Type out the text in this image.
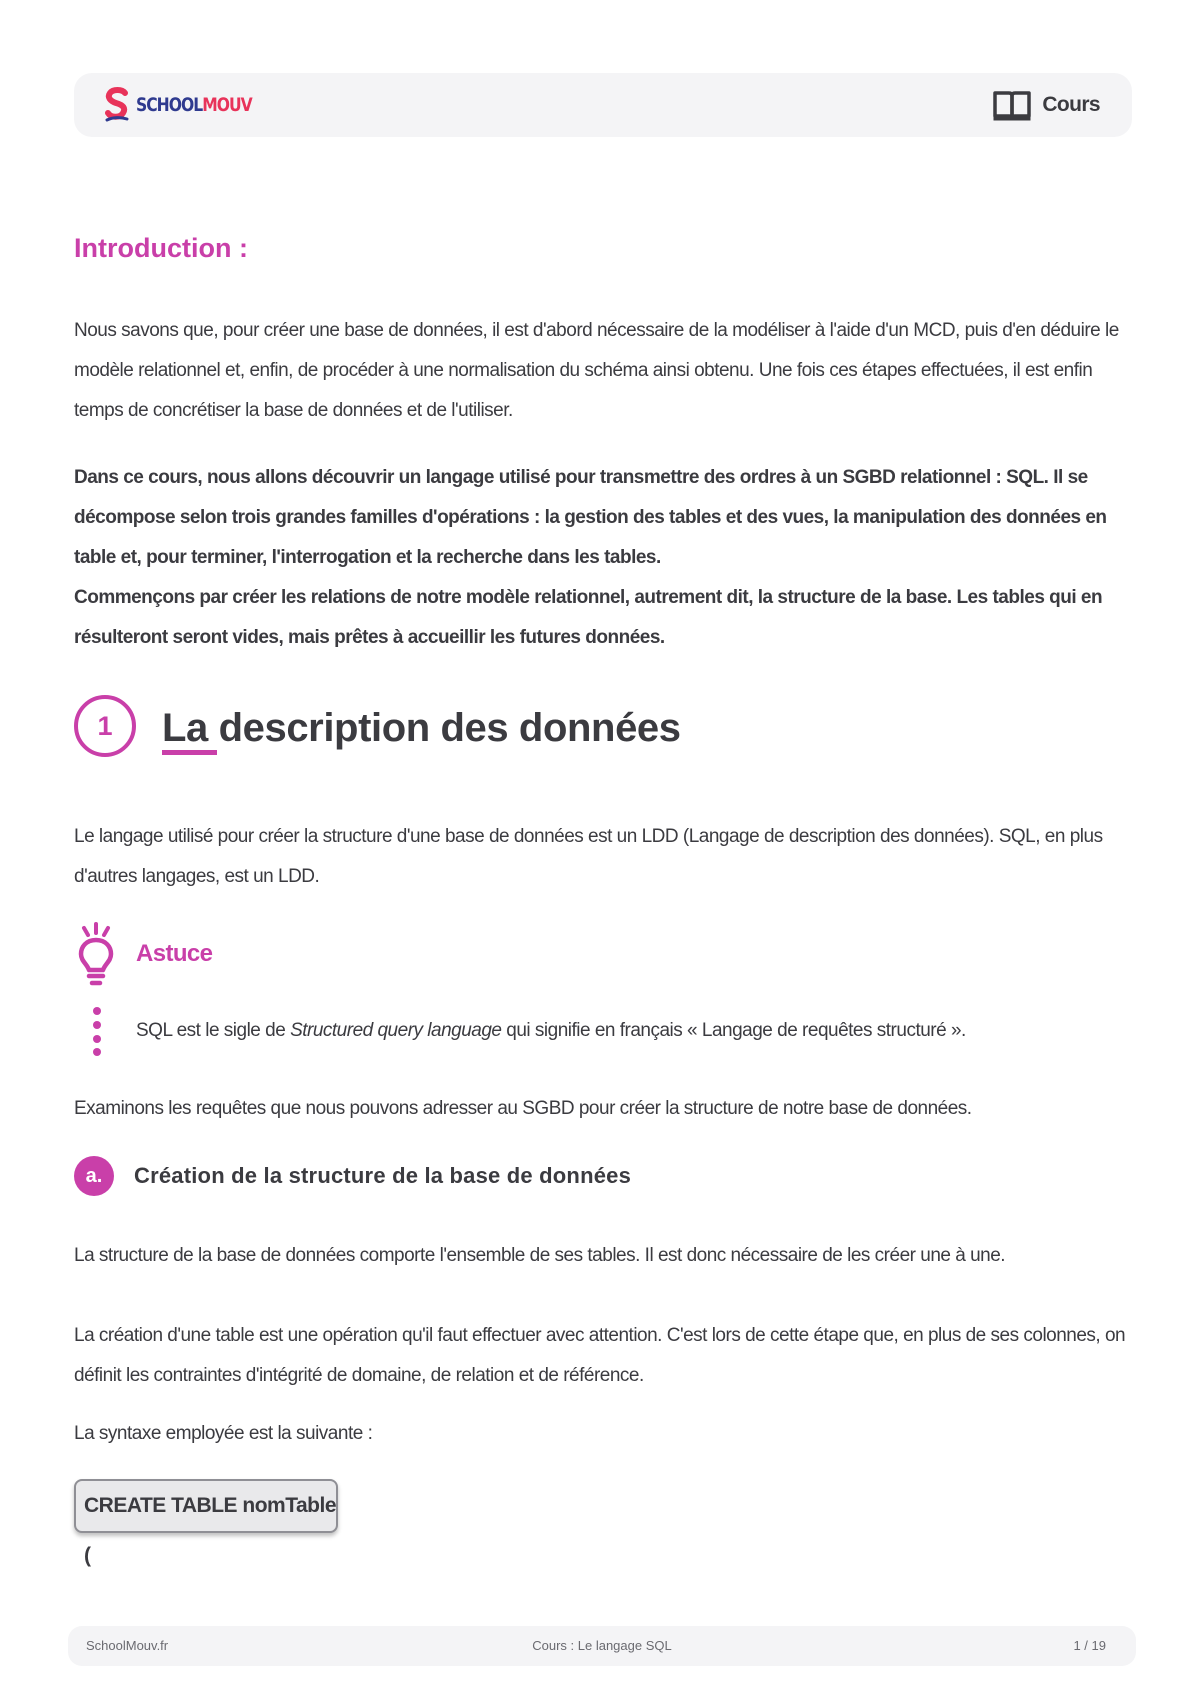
SCHOOLMOUV	Cours
Introduction :

Nous savons que, pour créer une base de données, il est d'abord nécessaire de la modéliser à l'aide d'un MCD, puis d'en déduire le modèle relationnel et, enfin, de procéder à une normalisation du schéma ainsi obtenu. Une fois ces étapes effectuées, il est enfin temps de concrétiser la base de données et de l'utiliser.

Dans ce cours, nous allons découvrir un langage utilisé pour transmettre des ordres à un SGBD relationnel : SQL. Il se décompose selon trois grandes familles d'opérations : la gestion des tables et des vues, la manipulation des données en table et, pour terminer, l'interrogation et la recherche dans les tables.

Commençons par créer les relations de notre modèle relationnel, autrement dit, la structure de la base. Les tables qui en résulteront seront vides, mais prêtes à accueillir les futures données.

1	La description des données

Le langage utilisé pour créer la structure d'une base de données est un LDD (Langage de description des données). SQL, en plus d'autres langages, est un LDD.

Astuce

SQL est le sigle de Structured query language qui signifie en français « Langage de requêtes structuré ».

Examinons les requêtes que nous pouvons adresser au SGBD pour créer la structure de notre base de données.

a.	Création de la structure de la base de données

La structure de la base de données comporte l'ensemble de ses tables. Il est donc nécessaire de les créer une à une.

La création d'une table est une opération qu'il faut effectuer avec attention. C'est lors de cette étape que, en plus de ses colonnes, on définit les contraintes d'intégrité de domaine, de relation et de référence.

La syntaxe employée est la suivante :

CREATE TABLE nomTable (
SchoolMouv.fr	Cours : Le langage SQL	1 / 19
